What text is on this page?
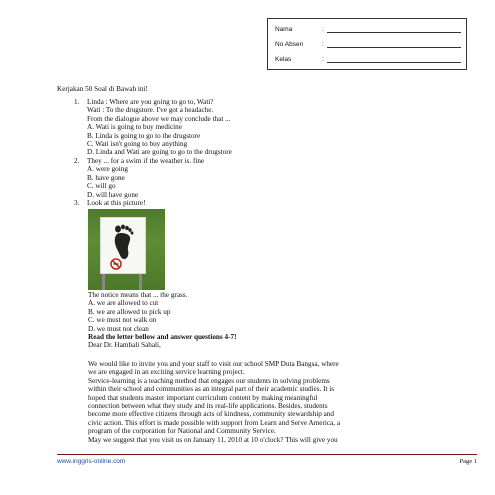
Nama	:
No Absen	:
Kelas	:
Kerjakan 50 Soal di Bawah ini!
1. Linda : Where are you going to go to, Wati?
Wati : To the drugstore. I've got a headache.
From the dialogue above we may conclude that ...
A. Wati is going to buy medicine
B. Linda is going to go to the drugstore
C. Wati isn't going to buy anything
D. Linda and Wati are going to go to the drugstore
2. They ... for a swim if the weather is. fine
A. were going
B. have gone
C. will go
D. will have gone
3. Look at this picture!
The notice means that ... the grass.
A. we are allowed to cut
B. we are allowed to pick up
C. we must not walk on
D. we must not clean
Read the letter bellow and answer questions 4-7!
Dear Dr. Hambali Sahali,
We would like to invite you and your staff to visit our school SMP Duta Bangsa, where
we are engaged in an exciting service learning project.
Service-learning is a teaching method that engages our students in solving problems
within their school and communities as an integral part of their academic studies. It is
hoped that students master important curriculum content by making meaningful
connection between what they study and its real-life applications. Besides, students
become more effective citizens through acts of kindness, community stewardship and
civic action. This effort is made possible with support from Learn and Serve America, a
program of the corporation for National and Community Service.
May we suggest that you visit us on January 11, 2010 at 10 o'clock? This will give you
www.inggris-online.com	Page 1
